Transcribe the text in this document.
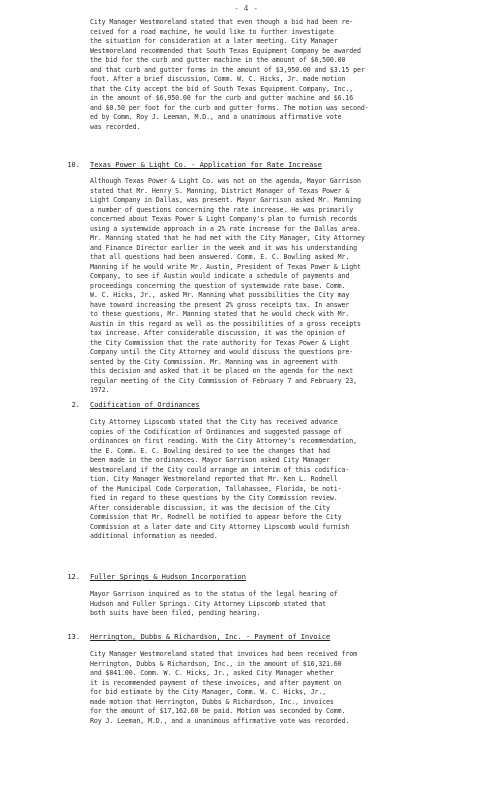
- 4 -

City Manager Westmoreland stated that even though a bid had been re-
ceived for a road machine, he would like to further investigate
the situation for consideration at a later meeting. City Manager
Westmoreland recommended that South Texas Equipment Company be awarded
the bid for the curb and gutter machine in the amount of $6,500.00
and that curb and gutter forms in the amount of $3,950.00 and $3.15 per
foot. After a brief discussion, Comm. W. C. Hicks, Jr. made motion
that the City accept the bid of South Texas Equipment Company, Inc.,
in the amount of $6,950.00 for the curb and gutter machine and $6.16
and $0.50 per foot for the curb and gutter forms. The motion was second-
ed by Comm. Roy J. Leeman, M.D., and a unanimous affirmative vote
was recorded.

10. Texas Power & Light Co. - Application for Rate Increase

Although Texas Power & Light Co. was not on the agenda, Mayor Garrison
stated that Mr. Henry S. Manning, District Manager of Texas Power &
Light Company in Dallas, was present. Mayor Garrison asked Mr. Manning
a number of questions concerning the rate increase. He was primarily
concerned about Texas Power & Light Company's plan to furnish records
using a systemwide approach in a 2% rate increase for the Dallas area.
Mr. Manning stated that he had met with the City Manager, City Attorney
and Finance Director earlier in the week and it was his understanding
that all questions had been answered. Comm. E. C. Bowling asked Mr.
Manning if he would write Mr. Austin, President of Texas Power & Light
Company, to see if Austin would indicate a schedule of payments and
proceedings concerning the question of systemwide rate base. Comm.
W. C. Hicks, Jr., asked Mr. Manning what possibilities the City may
have toward increasing the present 2% gross receipts tax. In answer
to these questions, Mr. Manning stated that he would check with Mr.
Austin in this regard as well as the possibilities of a gross receipts
tax increase. After considerable discussion, it was the opinion of
the City Commission that the rate authority for Texas Power & Light
Company until the City Attorney and would discuss the questions pre-
sented by the City Commission. Mr. Manning was in agreement with
this decision and asked that it be placed on the agenda for the next
regular meeting of the City Commission of February 7 and February 23,
1972.

2. Codification of Ordinances

City Attorney Lipscomb stated that the City has received advance
copies of the Codification of Ordinances and suggested passage of
ordinances on first reading. With the City Attorney's recommendation,
the E. Comm. E. C. Bowling desired to see the changes that had
been made in the ordinances. Mayor Garrison asked City Manager
Westmoreland if the City could arrange an interim of this codifica-
tion. City Manager Westmoreland reported that Mr. Ken L. Rodnell
of the Municipal Code Corporation, Tallahassee, Florida, be noti-
fied in regard to these questions by the City Commission review.
After considerable discussion, it was the decision of the City
Commission that Mr. Rodnell be notified to appear before the City
Commission at a later date and City Attorney Lipscomb would furnish
additional information as needed.

12. Fuller Springs & Hudson Incorporation

Mayor Garrison inquired as to the status of the legal hearing of
Hudson and Fuller Springs. City Attorney Lipscomb stated that
both suits have been filed, pending hearing.

13. Herrington, Dubbs & Richardson, Inc. - Payment of Invoice

City Manager Westmoreland stated that invoices had been received from
Herrington, Dubbs & Richardson, Inc., in the amount of $16,321.60
and $841.00. Comm. W. C. Hicks, Jr., asked City Manager whether
it is recommended payment of these invoices, and after payment on
for bid estimate by the City Manager, Comm. W. C. Hicks, Jr.,
made motion that Herrington, Dubbs & Richardson, Inc., invoices
for the amount of $17,162.60 be paid. Motion was seconded by Comm.
Roy J. Leeman, M.D., and a unanimous affirmative vote was recorded.
